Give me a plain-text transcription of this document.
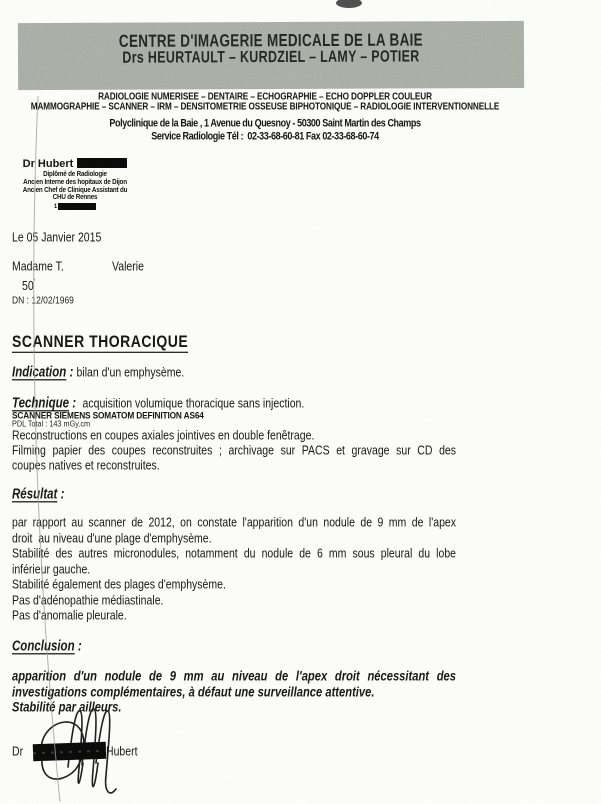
CENTRE D'IMAGERIE MEDICALE DE LA BAIE
Drs HEURTAULT – KURDZIEL – LAMY – POTIER
RADIOLOGIE NUMERISEE – DENTAIRE – ECHOGRAPHIE – ECHO DOPPLER COULEUR
MAMMOGRAPHIE – SCANNER – IRM – DENSITOMETRIE OSSEUSE BIPHOTONIQUE – RADIOLOGIE INTERVENTIONNELLE
Polyclinique de la Baie , 1 Avenue du Quesnoy - 50300 Saint Martin des Champs
Service Radiologie Tél :  02-33-68-60-81 Fax 02-33-68-60-74
Dr Hubert
Diplômé de Radiologie
Ancien Interne des hopitaux de Dijon
Ancien Chef de Clinique Assistant du
CHU de Rennes
1
Le 05 Janvier 2015
Madame T.	Valerie
50'
DN : 12/02/1969
SCANNER THORACIQUE
Indication : bilan d'un emphysème.
Technique :  acquisition volumique thoracique sans injection.
SCANNER SIEMENS SOMATOM DEFINITION AS64
PDL Total : 143 mGy.cm
Reconstructions en coupes axiales jointives en double fenêtrage.
Filming papier des coupes reconstruites ; archivage sur PACS et gravage sur CD des
coupes natives et reconstruites.
Résultat :
par rapport au scanner de 2012, on constate l'apparition d'un nodule de 9 mm de l'apex
droit  au niveau d'une plage d'emphysème.
Stabilité des autres micronodules, notamment du nodule de 6 mm sous pleural du lobe
inférieur gauche.
Stabilité également des plages d'emphysème.
Pas d'adénopathie médiastinale.
Pas d'anomalie pleurale.
Conclusion :
apparition d'un nodule de 9 mm au niveau de l'apex droit nécessitant des
investigations complémentaires, à défaut une surveillance attentive.
Stabilité par ailleurs.
Dr	Hubert
